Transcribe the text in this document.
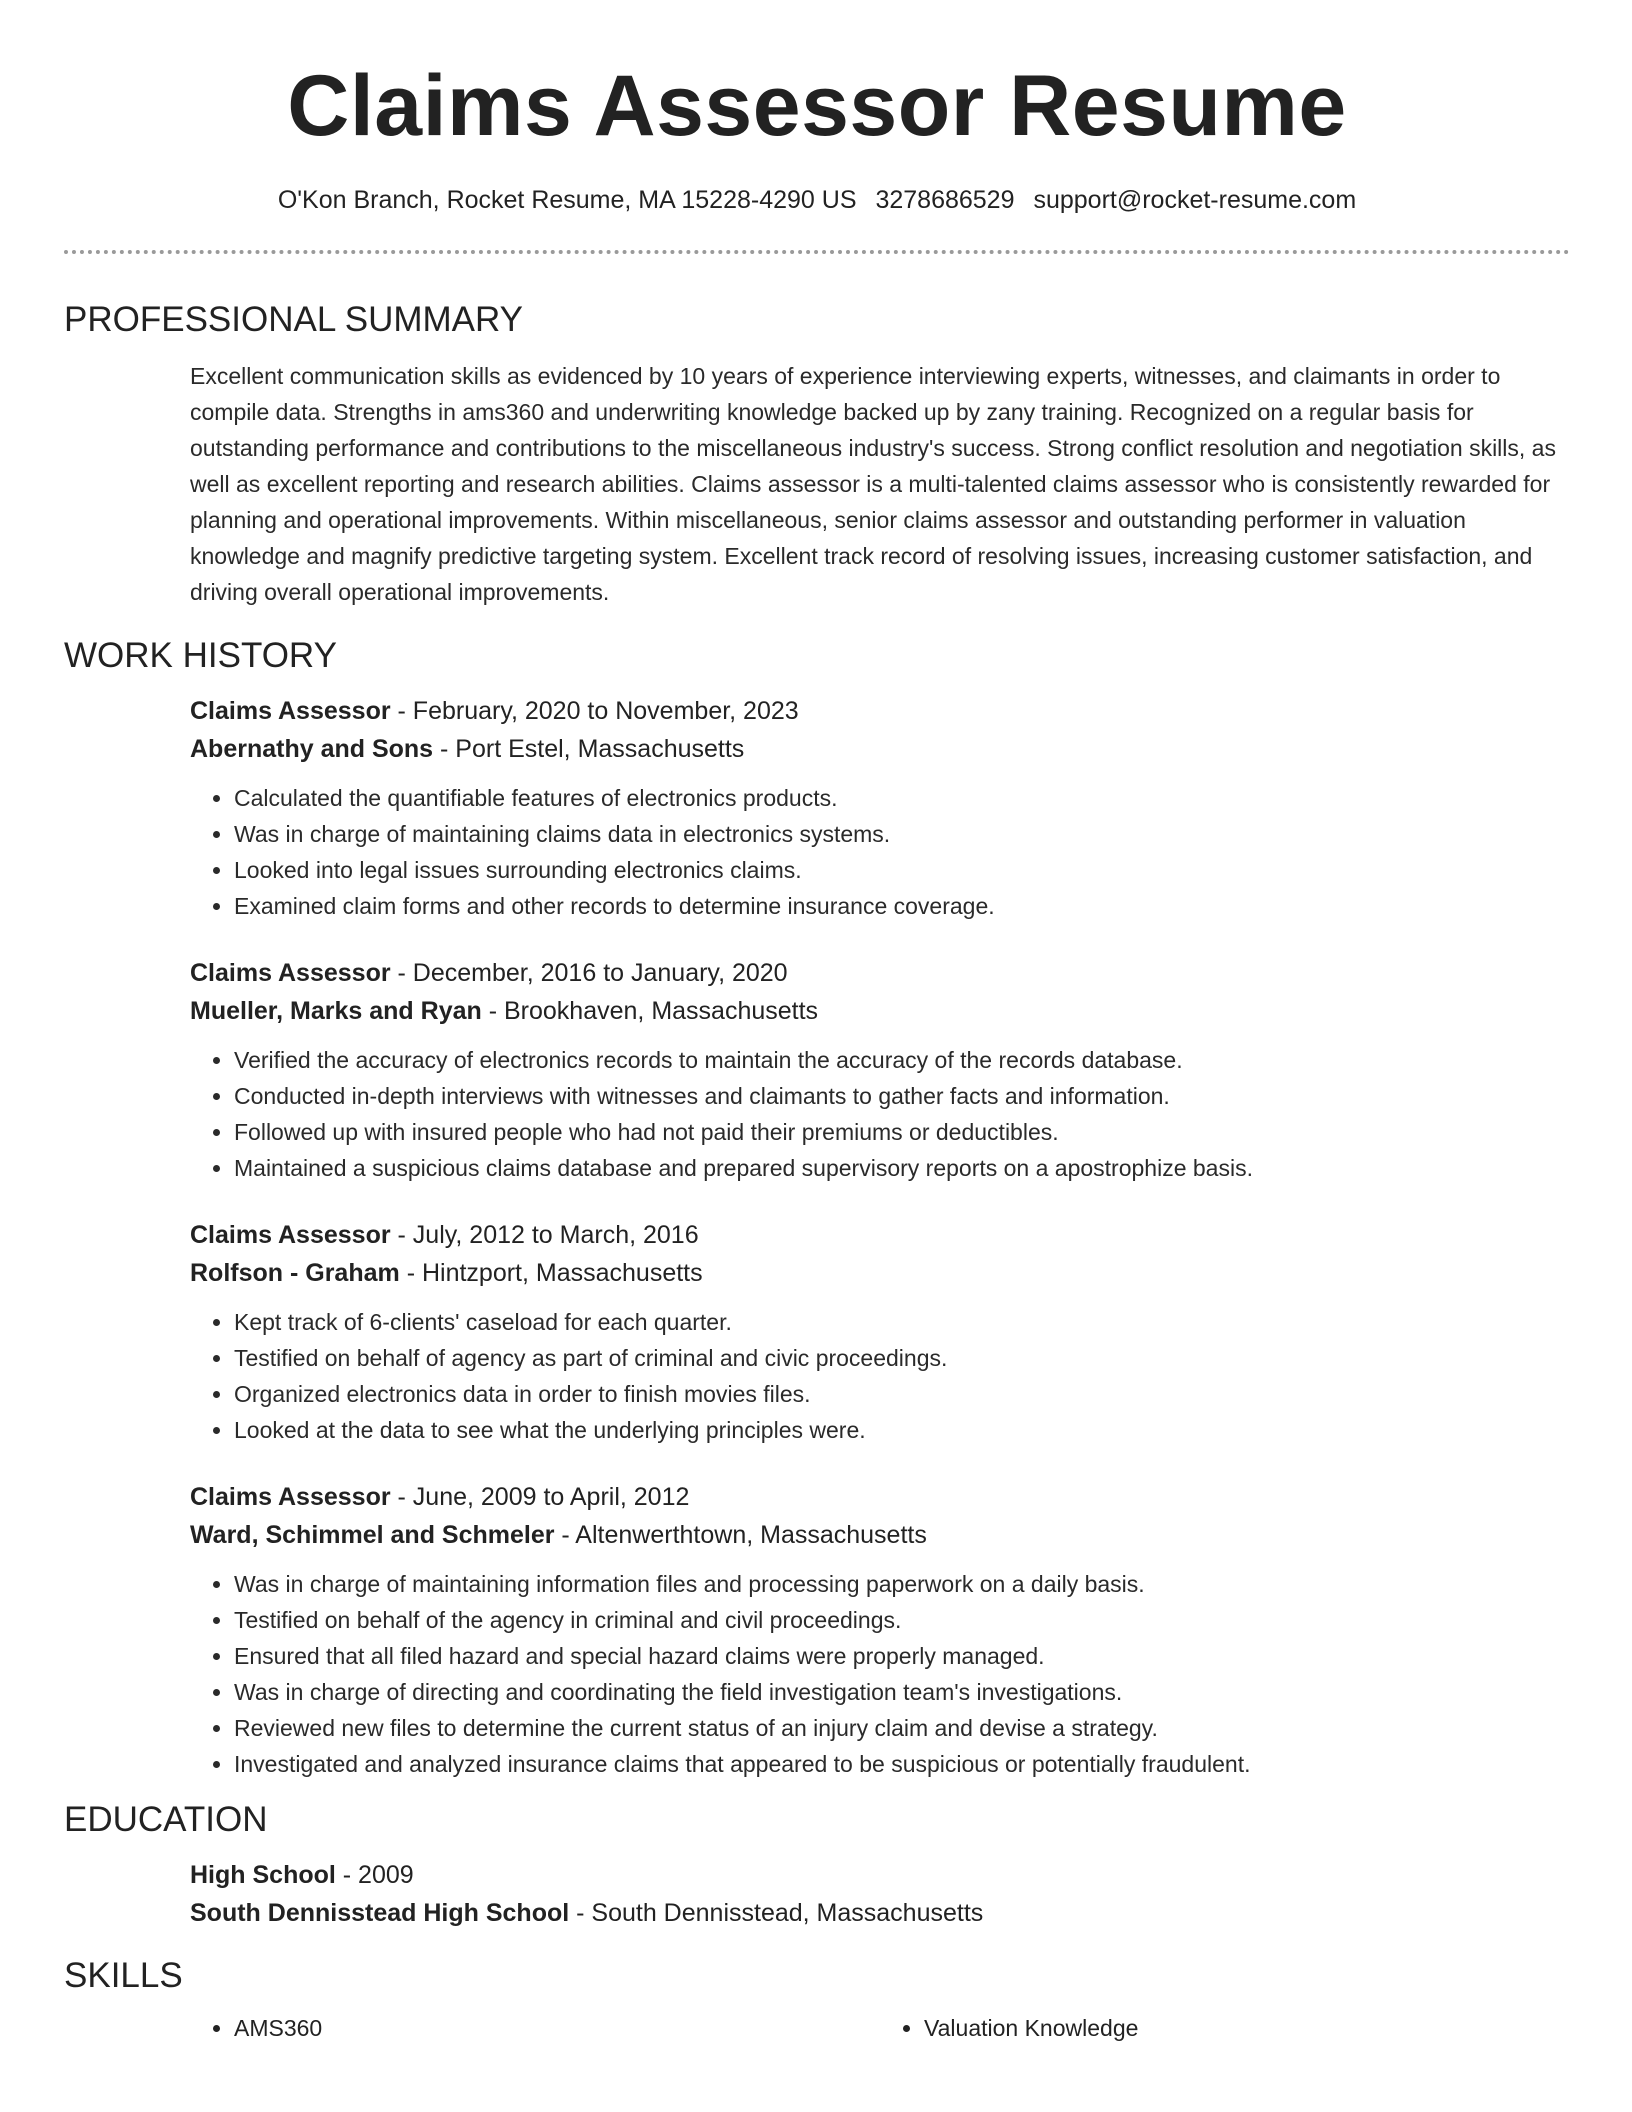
Claims Assessor Resume
O'Kon Branch, Rocket Resume, MA 15228-4290 US 3278686529 support@rocket-resume.com
PROFESSIONAL SUMMARY

Excellent communication skills as evidenced by 10 years of experience interviewing experts, witnesses, and claimants in order to compile data. Strengths in ams360 and underwriting knowledge backed up by zany training. Recognized on a regular basis for outstanding performance and contributions to the miscellaneous industry's success. Strong conflict resolution and negotiation skills, as well as excellent reporting and research abilities. Claims assessor is a multi-talented claims assessor who is consistently rewarded for planning and operational improvements. Within miscellaneous, senior claims assessor and outstanding performer in valuation knowledge and magnify predictive targeting system. Excellent track record of resolving issues, increasing customer satisfaction, and driving overall operational improvements.

WORK HISTORY
Claims Assessor - February, 2020 to November, 2023
Abernathy and Sons - Port Estel, Massachusetts
• Calculated the quantifiable features of electronics products.
• Was in charge of maintaining claims data in electronics systems.
• Looked into legal issues surrounding electronics claims.
• Examined claim forms and other records to determine insurance coverage.
Claims Assessor - December, 2016 to January, 2020
Mueller, Marks and Ryan - Brookhaven, Massachusetts
• Verified the accuracy of electronics records to maintain the accuracy of the records database.
• Conducted in-depth interviews with witnesses and claimants to gather facts and information.
• Followed up with insured people who had not paid their premiums or deductibles.
• Maintained a suspicious claims database and prepared supervisory reports on a apostrophize basis.
Claims Assessor - July, 2012 to March, 2016
Rolfson - Graham - Hintzport, Massachusetts
• Kept track of 6-clients' caseload for each quarter.
• Testified on behalf of agency as part of criminal and civic proceedings.
• Organized electronics data in order to finish movies files.
• Looked at the data to see what the underlying principles were.
Claims Assessor - June, 2009 to April, 2012
Ward, Schimmel and Schmeler - Altenwerthtown, Massachusetts
• Was in charge of maintaining information files and processing paperwork on a daily basis.
• Testified on behalf of the agency in criminal and civil proceedings.
• Ensured that all filed hazard and special hazard claims were properly managed.
• Was in charge of directing and coordinating the field investigation team's investigations.
• Reviewed new files to determine the current status of an injury claim and devise a strategy.
• Investigated and analyzed insurance claims that appeared to be suspicious or potentially fraudulent.
EDUCATION
High School - 2009
South Dennisstead High School - South Dennisstead, Massachusetts
SKILLS
• AMS360
•	Valuation Knowledge
